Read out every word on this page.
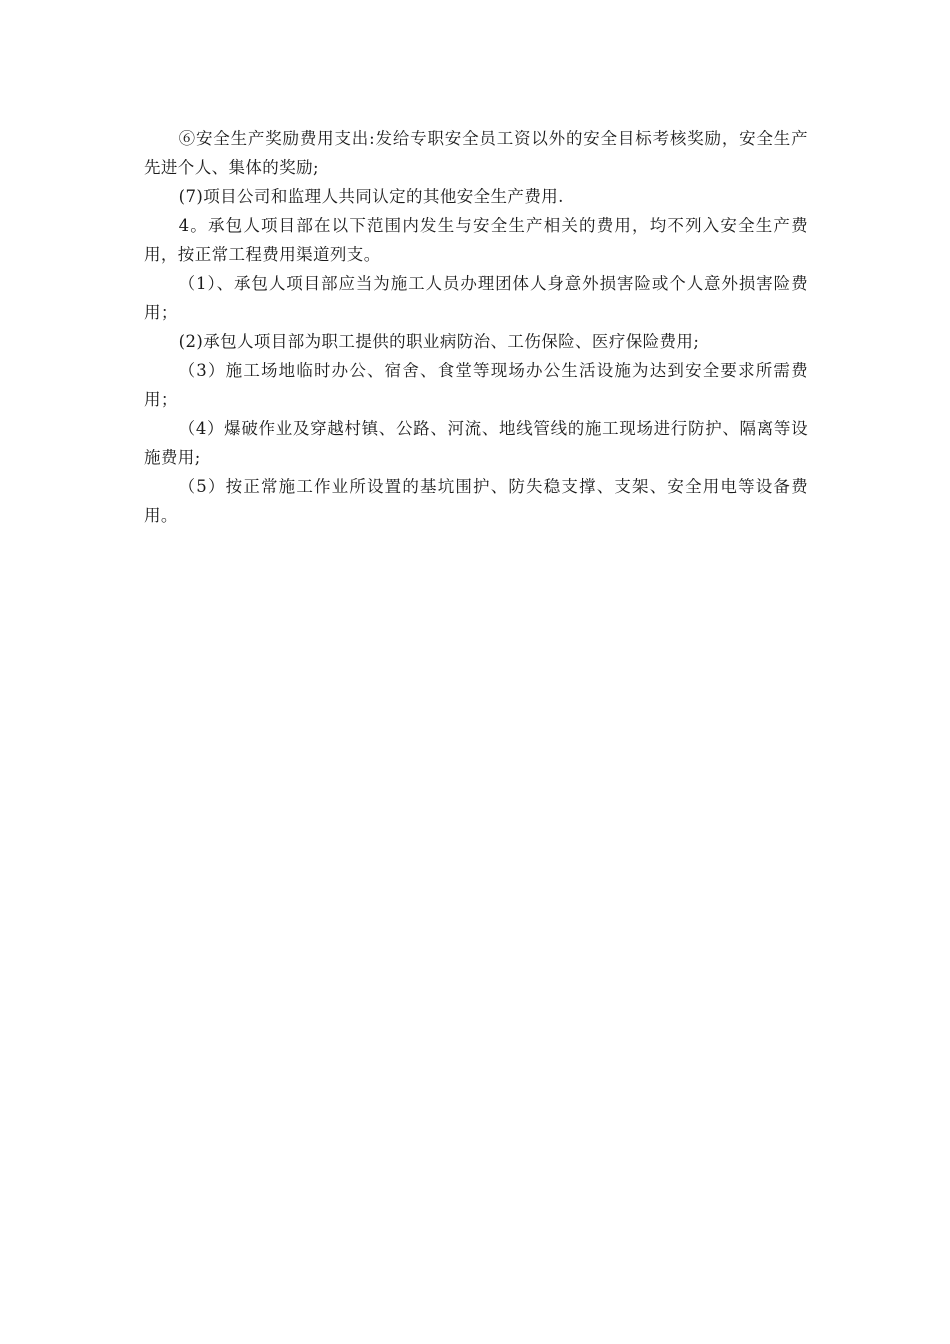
⑥安全生产奖励费用支出:发给专职安全员工资以外的安全目标考核奖励，安全生产先进个人、集体的奖励;

(7)项目公司和监理人共同认定的其他安全生产费用.

4。承包人项目部在以下范围内发生与安全生产相关的费用，均不列入安全生产费用，按正常工程费用渠道列支。

（1）、承包人项目部应当为施工人员办理团体人身意外损害险或个人意外损害险费用；

(2)承包人项目部为职工提供的职业病防治、工伤保险、医疗保险费用;

（3）施工场地临时办公、宿舍、食堂等现场办公生活设施为达到安全要求所需费用；

（4）爆破作业及穿越村镇、公路、河流、地线管线的施工现场进行防护、隔离等设施费用;

（5）按正常施工作业所设置的基坑围护、防失稳支撑、支架、安全用电等设备费用。
